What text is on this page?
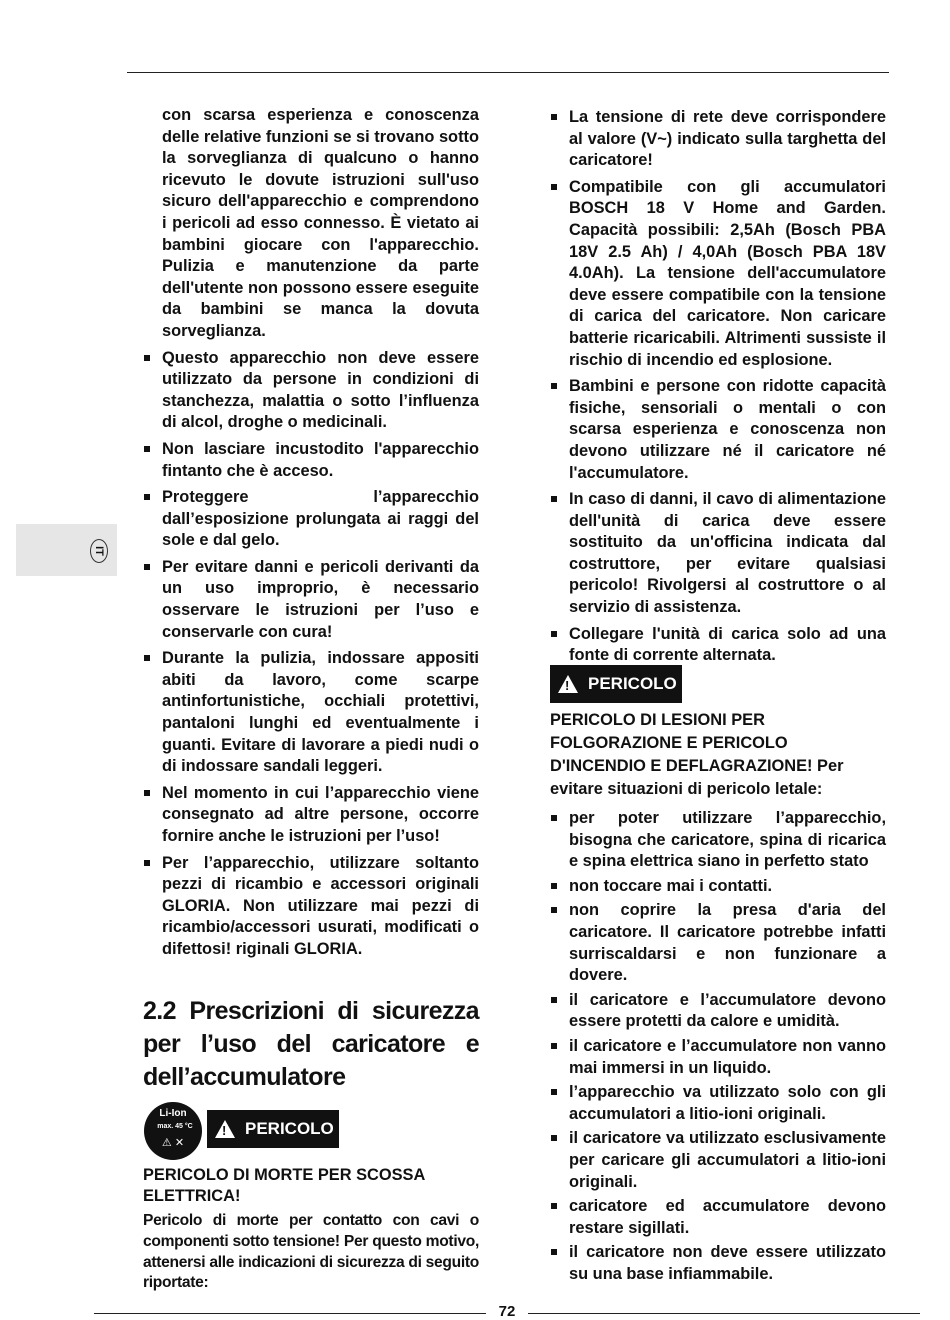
IT

con scarsa esperienza e conoscenza delle relative funzioni se si trovano sotto la sorveglianza di qualcuno o hanno ricevuto le dovute istruzioni sull'uso sicuro dell'apparecchio e comprendono i pericoli ad esso connesso. È vietato ai bambini giocare con l'apparecchio. Pulizia e manutenzione da parte dell'utente non possono essere eseguite da bambini se manca la dovuta sorveglianza.

Questo apparecchio non deve essere utilizzato da persone in condizioni di stanchezza, malattia o sotto l’influenza di alcol, droghe o medicinali.
Non lasciare incustodito l'apparecchio fintanto che è acceso.
Proteggere l’apparecchio dall’esposizione prolungata ai raggi del sole e dal gelo.
Per evitare danni e pericoli derivanti da un uso improprio, è necessario osservare le istruzioni per l’uso e conservarle con cura!
Durante la pulizia, indossare appositi abiti da lavoro, come scarpe antinfortunistiche, occhiali protettivi, pantaloni lunghi ed eventualmente i guanti. Evitare di lavorare a piedi nudi o di indossare sandali leggeri.
Nel momento in cui l’apparecchio viene consegnato ad altre persone, occorre fornire anche le istruzioni per l’uso!
Per l’apparecchio, utilizzare soltanto pezzi di ricambio e accessori originali GLORIA. Non utilizzare mai pezzi di ricambio/accessori usurati, modificati o difettosi! riginali GLORIA.
2.2 Prescrizioni di sicurezza per l’uso del caricatore e dell’accumulatore
Li-Ion
max. 45 °C
⚠ ✕
!
PERICOLO
PERICOLO DI MORTE PER SCOSSA ELETTRICA!
Pericolo di morte per contatto con cavi o componenti sotto tensione! Per questo motivo, attenersi alle indicazioni di sicurezza di seguito riportate:
La tensione di rete deve corrispondere al valore (V~) indicato sulla targhetta del caricatore!
Compatibile con gli accumulatori BOSCH 18 V Home and Garden. Capacità possibili: 2,5Ah (Bosch PBA 18V 2.5 Ah) / 4,0Ah (Bosch PBA 18V 4.0Ah). La tensione dell'accumulatore deve essere compatibile con la tensione di carica del caricatore. Non caricare batterie ricaricabili. Altrimenti sussiste il rischio di incendio ed esplosione.
Bambini e persone con ridotte capacità fisiche, sensoriali o mentali o con scarsa esperienza e conoscenza non devono utilizzare né il caricatore né l'accumulatore.
In caso di danni, il cavo di alimentazione dell'unità di carica deve essere sostituito da un'officina indicata dal costruttore, per evitare qualsiasi pericolo! Rivolgersi al costruttore o al servizio di assistenza.
Collegare l'unità di carica solo ad una fonte di corrente alternata.
!
PERICOLO
PERICOLO DI LESIONI PER FOLGORAZIONE E PERICOLO D'INCENDIO E DEFLAGRAZIONE! Per evitare situazioni di pericolo letale:
per poter utilizzare l’apparecchio, bisogna che caricatore, spina di ricarica e spina elettrica siano in perfetto stato
non toccare mai i contatti.
non coprire la presa d'aria del caricatore. Il caricatore potrebbe infatti surriscaldarsi e non funzionare a dovere.
il caricatore e l’accumulatore devono essere protetti da calore e umidità.
il caricatore e l’accumulatore non vanno mai immersi in un liquido.
l’apparecchio va utilizzato solo con gli accumulatori a litio-ioni originali.
il caricatore va utilizzato esclusivamente per caricare gli accumulatori a litio-ioni originali.
caricatore ed accumulatore devono restare sigillati.
il caricatore non deve essere utilizzato su una base infiammabile.
72
